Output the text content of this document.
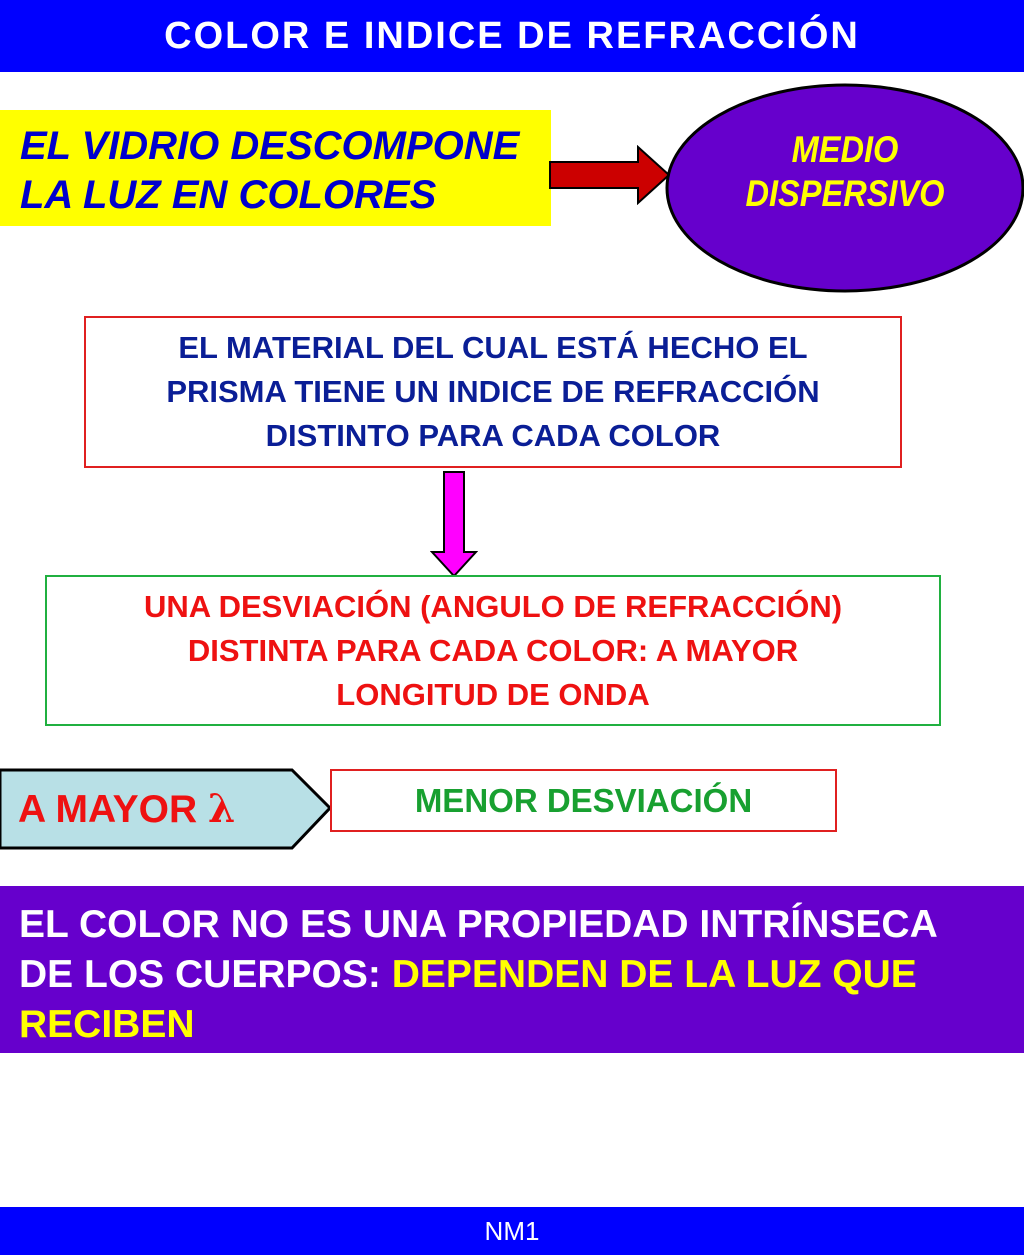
COLOR E INDICE DE REFRACCIÓN
EL VIDRIO DESCOMPONE
LA LUZ EN COLORES
MEDIO
DISPERSIVO
EL MATERIAL DEL CUAL ESTÁ HECHO EL
PRISMA TIENE UN INDICE DE REFRACCIÓN
DISTINTO PARA CADA COLOR
UNA DESVIACIÓN (ANGULO DE REFRACCIÓN)
DISTINTA PARA CADA COLOR: A MAYOR
LONGITUD DE ONDA
A MAYOR λ	MENOR DESVIACIÓN
EL COLOR NO ES UNA PROPIEDAD INTRÍNSECA
DE LOS CUERPOS: DEPENDEN DE LA LUZ QUE
RECIBEN
NM1
